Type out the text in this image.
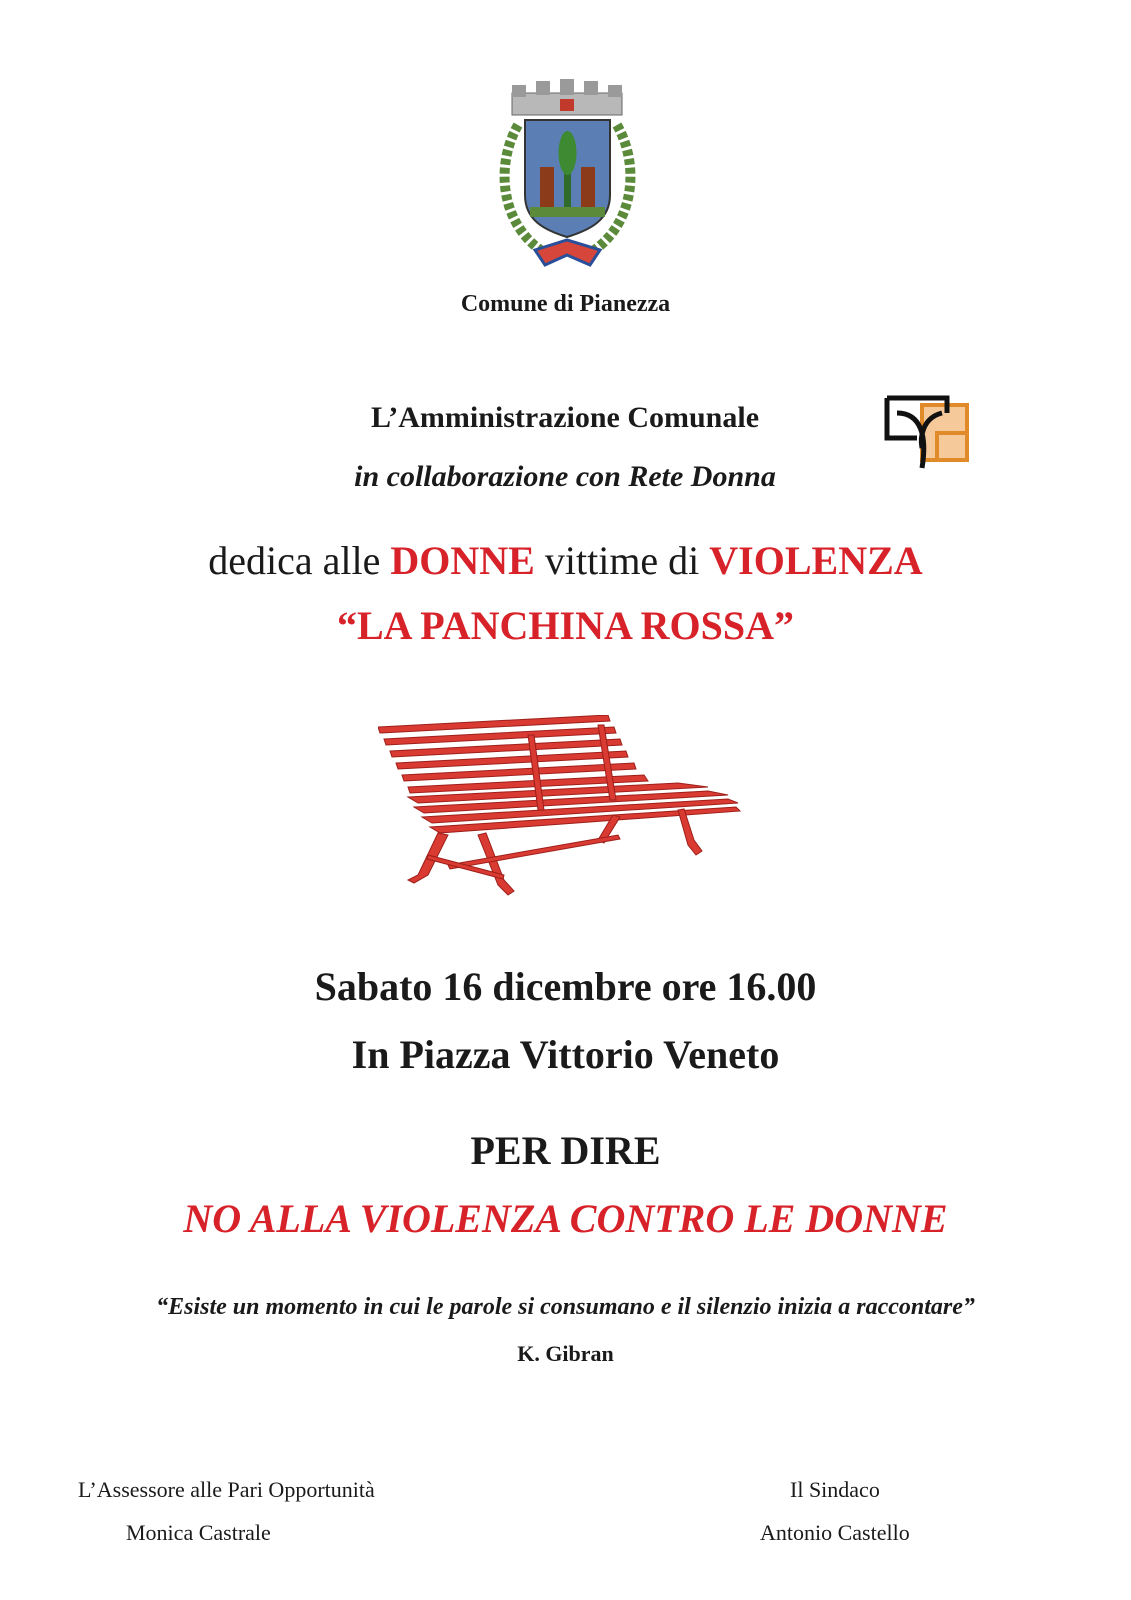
Comune di Pianezza
L’Amministrazione Comunale
in collaborazione con Rete Donna
dedica alle DONNE vittime di VIOLENZA
“LA PANCHINA ROSSA”
Sabato 16 dicembre ore 16.00
In Piazza Vittorio Veneto
PER DIRE
NO ALLA VIOLENZA CONTRO LE DONNE
“Esiste un momento in cui le parole si consumano e il silenzio inizia a raccontare”
K. Gibran
L’Assessore alle Pari Opportunità
Monica Castrale
Il Sindaco
Antonio Castello
